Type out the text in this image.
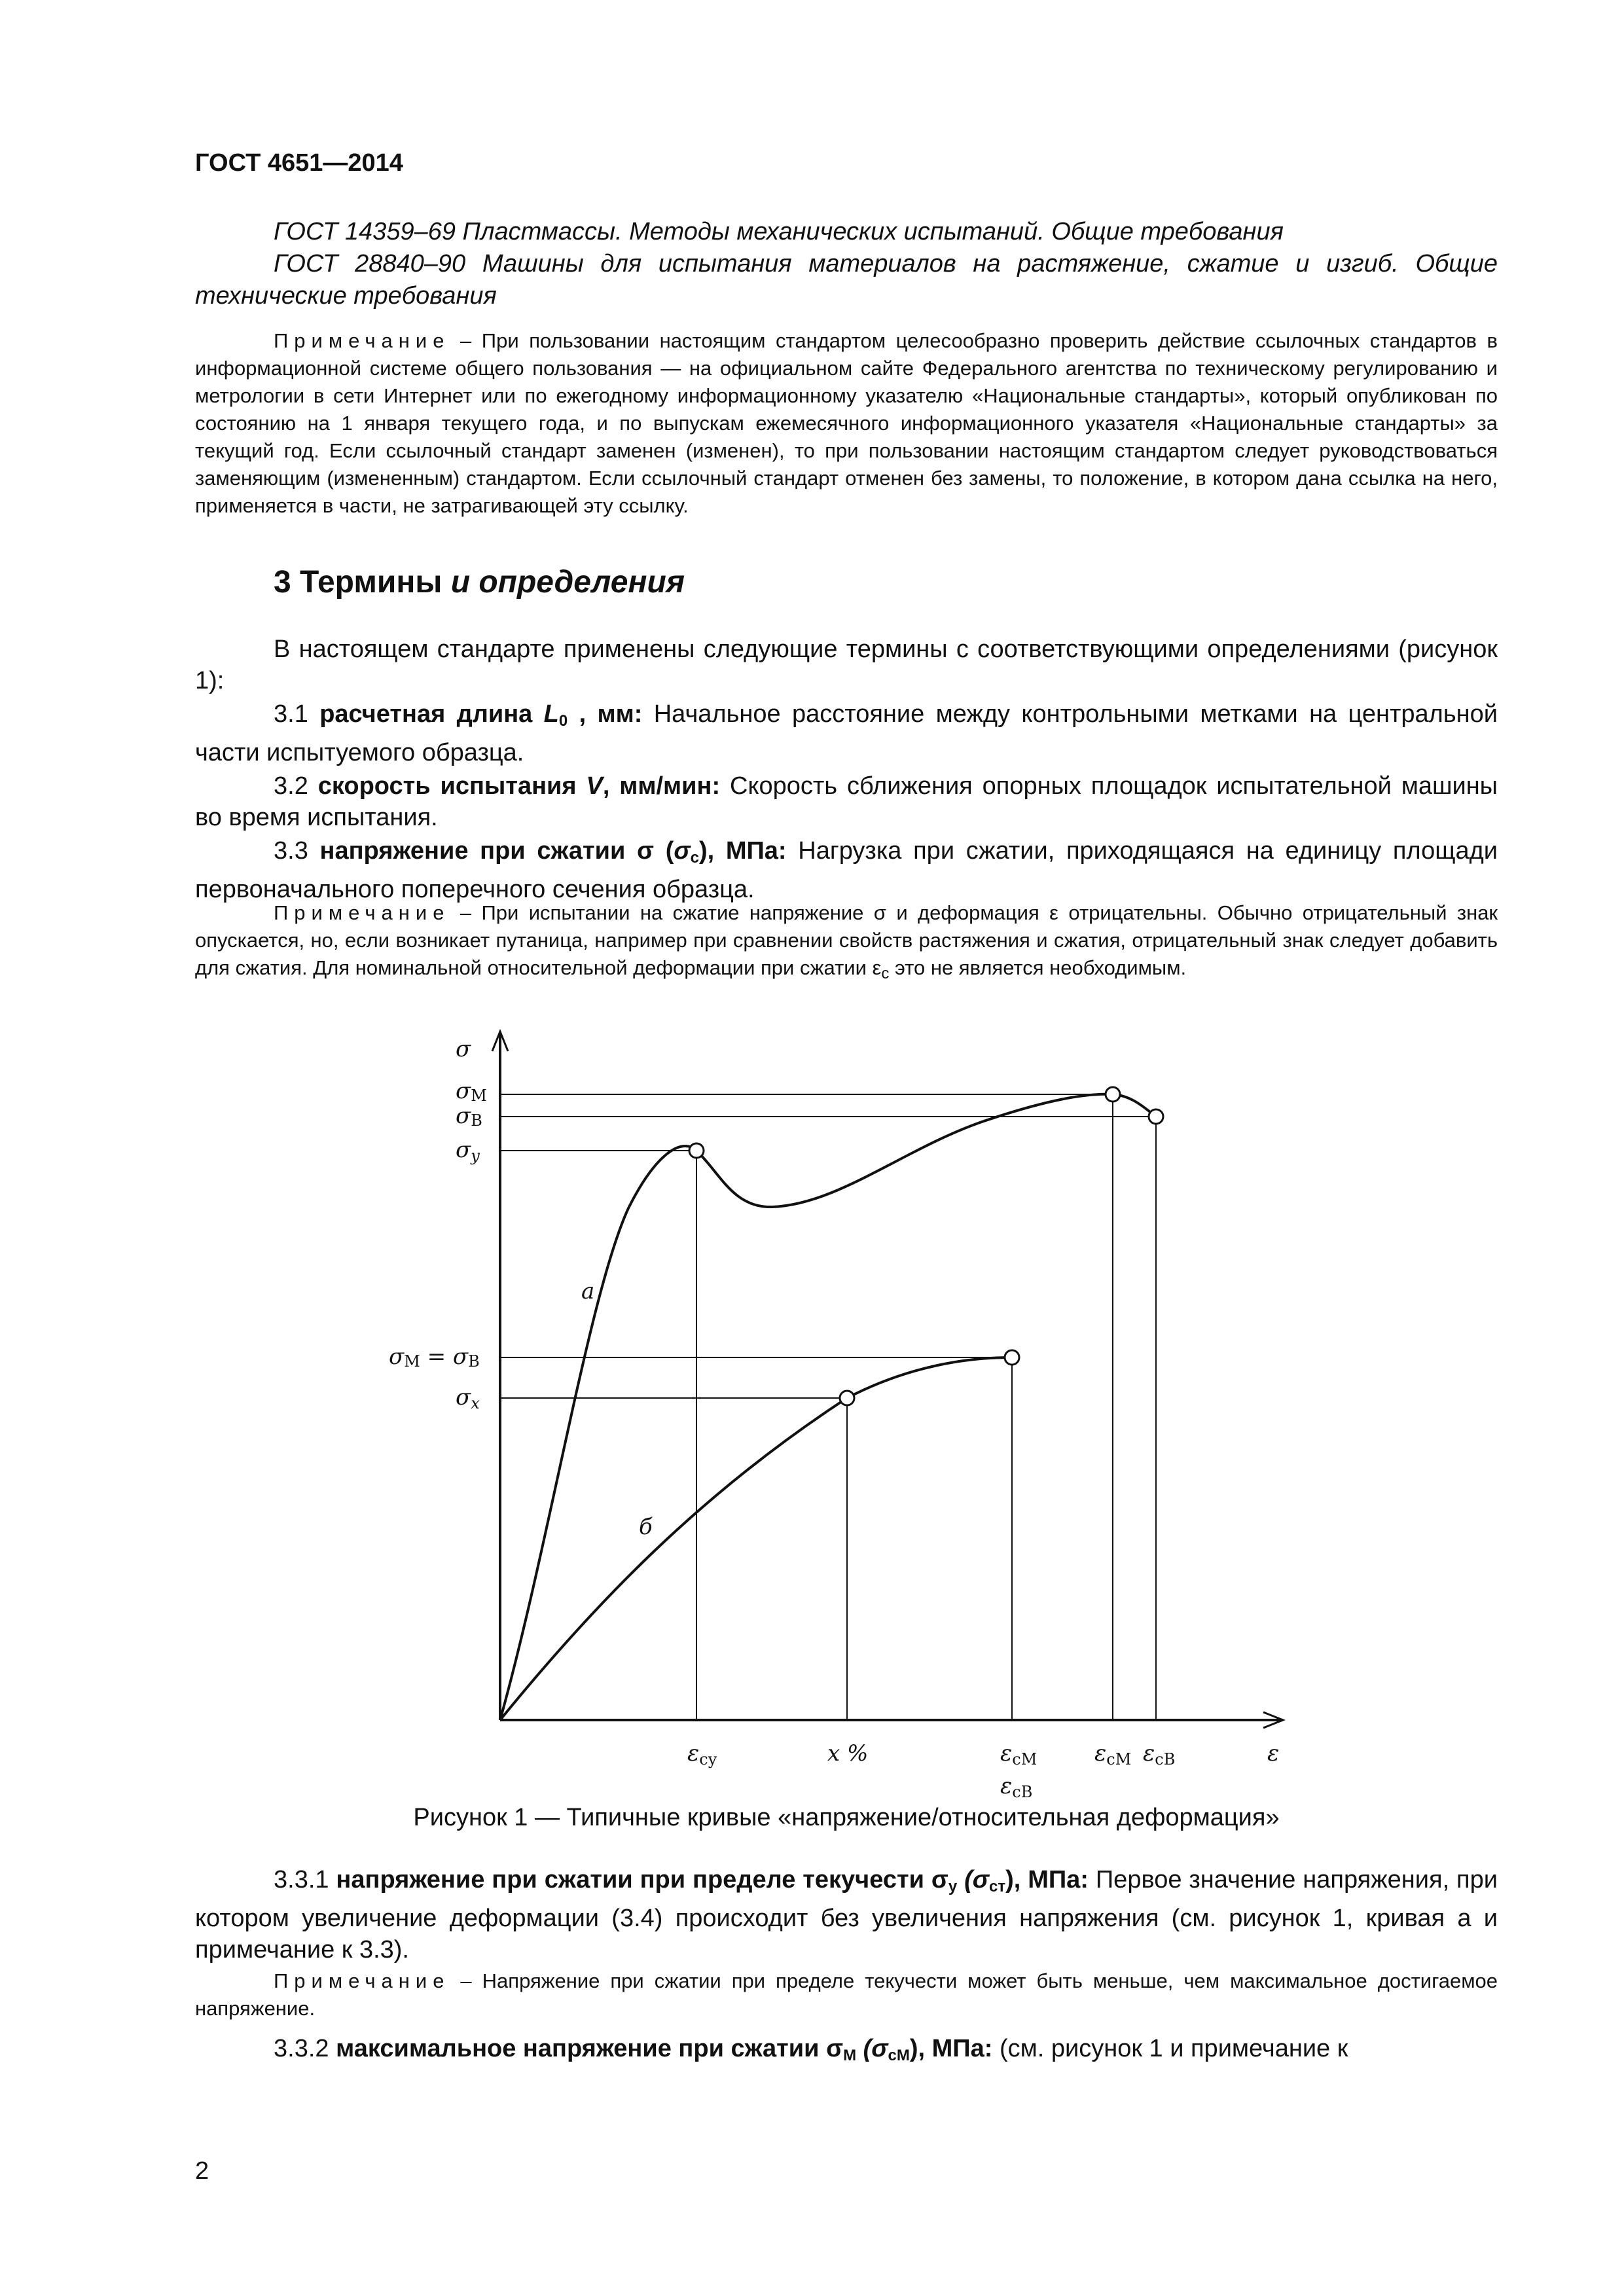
ГОСТ 4651—2014

ГОСТ 14359–69 Пластмассы. Методы механических испытаний. Общие требования

ГОСТ 28840–90 Машины для испытания материалов на растяжение, сжатие и изгиб. Общие технические требования

Примечание – При пользовании настоящим стандартом целесообразно проверить действие ссылочных стандартов в информационной системе общего пользования — на официальном сайте Федерального агентства по техническому регулированию и метрологии в сети Интернет или по ежегодному информационному указателю «Национальные стандарты», который опубликован по состоянию на 1 января текущего года, и по выпускам ежемесячного информационного указателя «Национальные стандарты» за текущий год. Если ссылочный стандарт заменен (изменен), то при пользовании настоящим стандартом следует руководствоваться заменяющим (измененным) стандартом. Если ссылочный стандарт отменен без замены, то положение, в котором дана ссылка на него, применяется в части, не затрагивающей эту ссылку.

3 Термины и определения

В настоящем стандарте применены следующие термины с соответствующими определениями (рисунок 1):

3.1 расчетная длина $L_0$ , мм: Начальное расстояние между контрольными метками на центральной части испытуемого образца.

3.2 скорость испытания V, мм/мин: Скорость сближения опорных площадок испытательной машины во время испытания.

3.3 напряжение при сжатии σ $(\sigma_c)$, МПа: Нагрузка при сжатии, приходящаяся на единицу площади первоначального поперечного сечения образца.

Примечание – При испытании на сжатие напряжение σ и деформация ε отрицательны. Обычно отрицательный знак опускается, но, если возникает путаница, например при сравнении свойств растяжения и сжатия, отрицательный знак следует добавить для сжатия. Для номинальной относительной деформации при сжатии $\varepsilon_c$ это не является необходимым.

σ
σM
σB
σy
σM = σB
σx
а
б
ε
εcy	x %	εcM
εcB
εcM εcB
Рисунок 1 — Типичные кривые «напряжение/относительная деформация»

3.3.1 напряжение при сжатии при пределе текучести $\sigma_y$ $(\sigma_{cт})$, МПа: Первое значение напряжения, при котором увеличение деформации (3.4) происходит без увеличения напряжения (см. рисунок 1, кривая а и примечание к 3.3).

Примечание – Напряжение при сжатии при пределе текучести может быть меньше, чем максимальное достигаемое напряжение.

3.3.2 максимальное напряжение при сжатии $\sigma_M$ $(\sigma_{cM})$, МПа: (см. рисунок 1 и примечание к

2
